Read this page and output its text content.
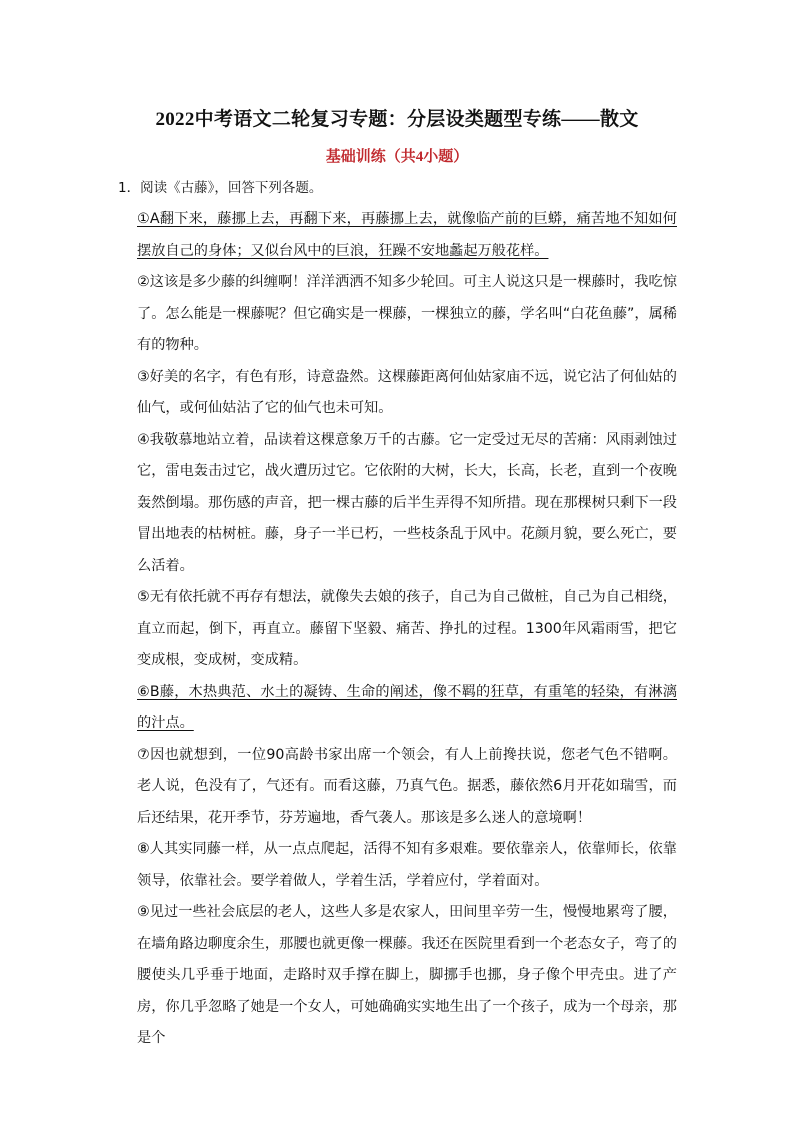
2022中考语文二轮复习专题：分层设类题型专练——散文
基础训练（共4小题）
1．阅读《古藤》，回答下列各题。

①A翻下来，藤挪上去，再翻下来，再藤挪上去，就像临产前的巨蟒，痛苦地不知如何摆放自己的身体；又似台风中的巨浪，狂躁不安地蠡起万般花样。

②这该是多少藤的纠缠啊！洋洋洒洒不知多少轮回。可主人说这只是一棵藤时，我吃惊了。怎么能是一棵藤呢？但它确实是一棵藤，一棵独立的藤，学名叫“白花鱼藤”，属稀有的物种。

③好美的名字，有色有形，诗意盎然。这棵藤距离何仙姑家庙不远，说它沾了何仙姑的仙气，或何仙姑沾了它的仙气也未可知。

④我敬慕地站立着，品读着这棵意象万千的古藤。它一定受过无尽的苦痛：风雨剥蚀过它，雷电轰击过它，战火遭历过它。它依附的大树，长大，长高，长老，直到一个夜晚轰然倒塌。那伤感的声音，把一棵古藤的后半生弄得不知所措。现在那棵树只剩下一段冒出地表的枯树桩。藤，身子一半已朽，一些枝条乱于风中。花颜月貌，要么死亡，要么活着。

⑤无有依托就不再存有想法，就像失去娘的孩子，自己为自己做桩，自己为自己相绕，直立而起，倒下，再直立。藤留下坚毅、痛苦、挣扎的过程。1300年风霜雨雪，把它变成根，变成树，变成精。

⑥B藤，木热典范、水土的凝铸、生命的阐述，像不羁的狂草，有重笔的轻染，有淋漓的汁点。

⑦因也就想到，一位90高龄书家出席一个领会，有人上前搀扶说，您老气色不错啊。老人说，色没有了，气还有。而看这藤，乃真气色。据悉，藤依然6月开花如瑞雪，而后还结果，花开季节，芬芳遍地，香气袭人。那该是多么迷人的意境啊！

⑧人其实同藤一样，从一点点爬起，活得不知有多艰难。要依靠亲人，依靠师长，依靠领导，依靠社会。要学着做人，学着生活，学着应付，学着面对。

⑨见过一些社会底层的老人，这些人多是农家人，田间里辛劳一生，慢慢地累弯了腰，在墙角路边聊度余生，那腰也就更像一棵藤。我还在医院里看到一个老态女子，弯了的腰使头几乎垂于地面，走路时双手撑在脚上，脚挪手也挪，身子像个甲壳虫。进了产房，你几乎忽略了她是一个女人，可她确确实实地生出了一个孩子，成为一个母亲，那是个
